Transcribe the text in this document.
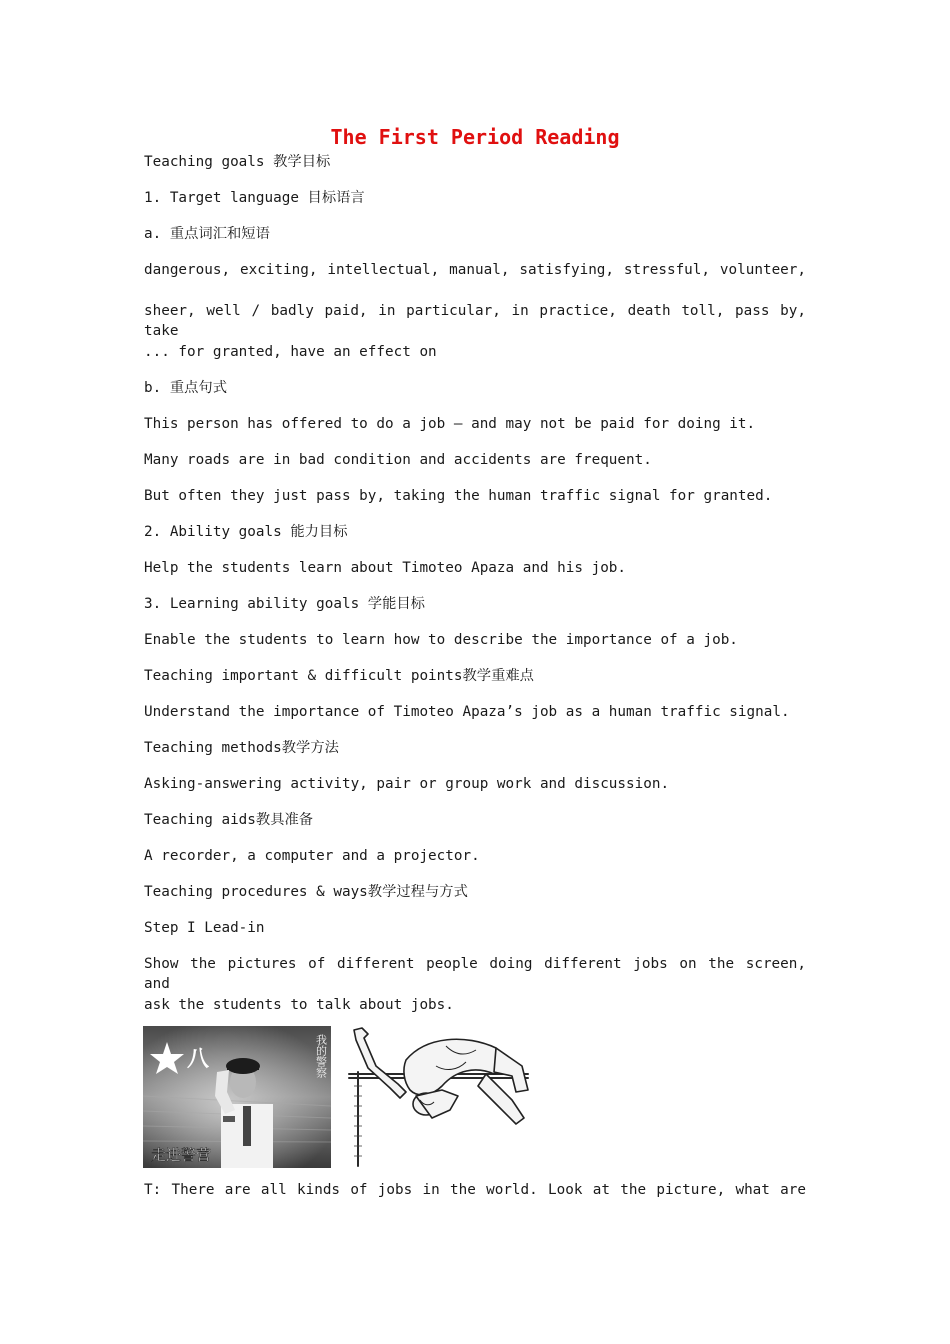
The First Period Reading
Teaching goals 教学目标
1. Target language 目标语言
a. 重点词汇和短语
dangerous, exciting, intellectual, manual, satisfying, stressful, volunteer,
sheer, well / badly paid, in particular, in practice, death toll, pass by, take
... for granted, have an effect on
b. 重点句式
This person has offered to do a job — and may not be paid for doing it.
Many roads are in bad condition and accidents are frequent.
But often they just pass by, taking the human traffic signal for granted.
2. Ability goals 能力目标
Help the students learn about Timoteo Apaza and his job.
3. Learning ability goals 学能目标
Enable the students to learn how to describe the importance of a job.
Teaching important & difficult points教学重难点
Understand the importance of Timoteo Apaza’s job as a human traffic signal.
Teaching methods教学方法
Asking-answering activity, pair or group work and discussion.
Teaching aids教具准备
A recorder, a computer and a projector.
Teaching procedures & ways教学过程与方式
Step I Lead-in
Show the pictures of different people doing different jobs on the screen, and
ask the students to talk about jobs.
八	我的警察
走进警营
T: There are all kinds of jobs in the world. Look at the picture, what are
